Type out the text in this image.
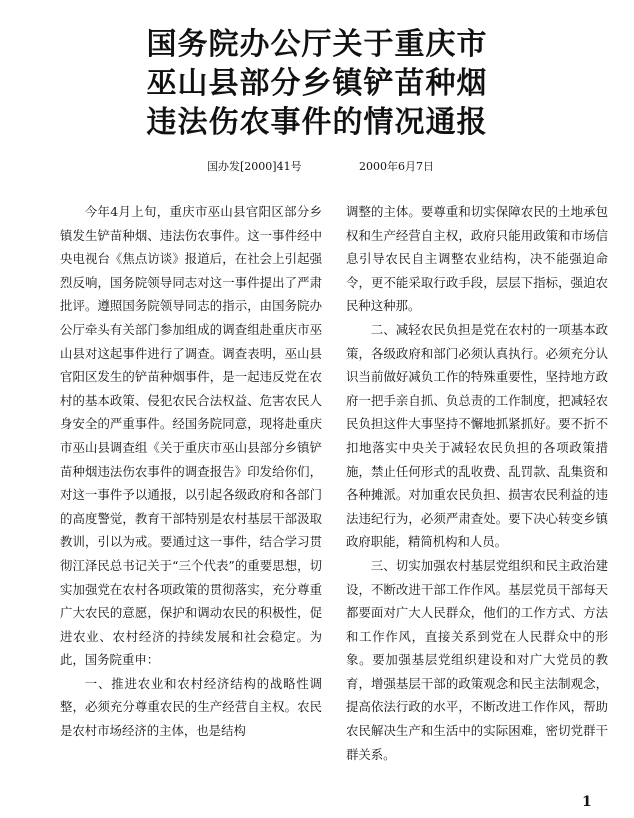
国务院办公厅关于重庆市
巫山县部分乡镇铲苗种烟
违法伤农事件的情况通报
国办发[2000]41号	2000年6月7日

今年4月上旬，重庆市巫山县官阳区部分乡镇发生铲苗种烟、违法伤农事件。这一事件经中央电视台《焦点访谈》报道后，在社会上引起强烈反响，国务院领导同志对这一事件提出了严肃批评。遵照国务院领导同志的指示，由国务院办公厅牵头有关部门参加组成的调查组赴重庆市巫山县对这起事件进行了调查。调查表明，巫山县官阳区发生的铲苗种烟事件，是一起违反党在农村的基本政策、侵犯农民合法权益、危害农民人身安全的严重事件。经国务院同意，现将赴重庆市巫山县调查组《关于重庆市巫山县部分乡镇铲苗种烟违法伤农事件的调查报告》印发给你们，对这一事件予以通报，以引起各级政府和各部门的高度警觉，教育干部特别是农村基层干部汲取教训，引以为戒。要通过这一事件，结合学习贯彻江泽民总书记关于“三个代表”的重要思想，切实加强党在农村各项政策的贯彻落实，充分尊重广大农民的意愿，保护和调动农民的积极性，促进农业、农村经济的持续发展和社会稳定。为此，国务院重申：

一、推进农业和农村经济结构的战略性调整，必须充分尊重农民的生产经营自主权。农民是农村市场经济的主体，也是结构

调整的主体。要尊重和切实保障农民的土地承包权和生产经营自主权，政府只能用政策和市场信息引导农民自主调整农业结构，决不能强迫命令，更不能采取行政手段，层层下指标，强迫农民种这种那。

二、减轻农民负担是党在农村的一项基本政策，各级政府和部门必须认真执行。必须充分认识当前做好减负工作的特殊重要性，坚持地方政府一把手亲自抓、负总责的工作制度，把减轻农民负担这件大事坚持不懈地抓紧抓好。要不折不扣地落实中央关于减轻农民负担的各项政策措施，禁止任何形式的乱收费、乱罚款、乱集资和各种摊派。对加重农民负担、损害农民利益的违法违纪行为，必须严肃查处。要下决心转变乡镇政府职能，精简机构和人员。

三、切实加强农村基层党组织和民主政治建设，不断改进干部工作作风。基层党员干部每天都要面对广大人民群众，他们的工作方式、方法和工作作风，直接关系到党在人民群众中的形象。要加强基层党组织建设和对广大党员的教育，增强基层干部的政策观念和民主法制观念，提高依法行政的水平，不断改进工作作风，帮助农民解决生产和生活中的实际困难，密切党群干群关系。

1
